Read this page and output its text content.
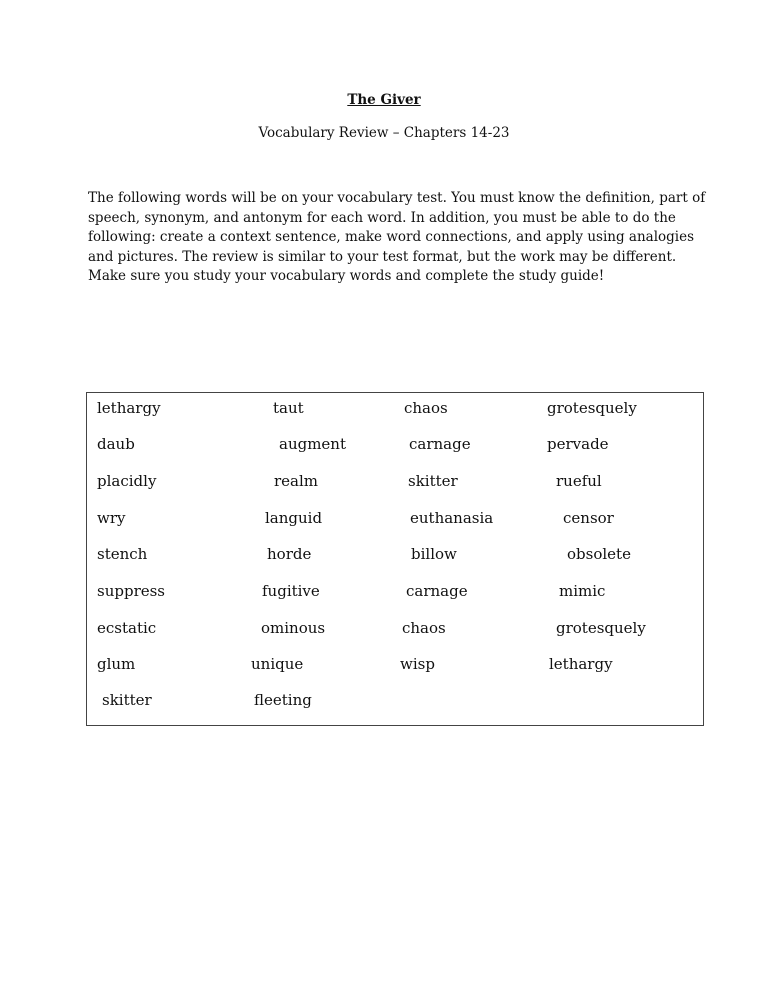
The Giver
Vocabulary Review – Chapters 14-23

The following words will be on your vocabulary test. You must know the definition, part of speech, synonym, and antonym for each word. In addition, you must be able to do the following: create a context sentence, make word connections, and apply using analogies and pictures. The review is similar to your test format, but the work may be different. Make sure you study your vocabulary words and complete the study guide!

lethargy	taut	chaos	grotesquely
daub	augment	carnage	pervade
placidly	realm	skitter	rueful
wry	languid	euthanasia	censor
stench	horde	billow	obsolete
suppress	fugitive	carnage	mimic
ecstatic	ominous	chaos	grotesquely
glum	unique	wisp	lethargy
skitter	fleeting
